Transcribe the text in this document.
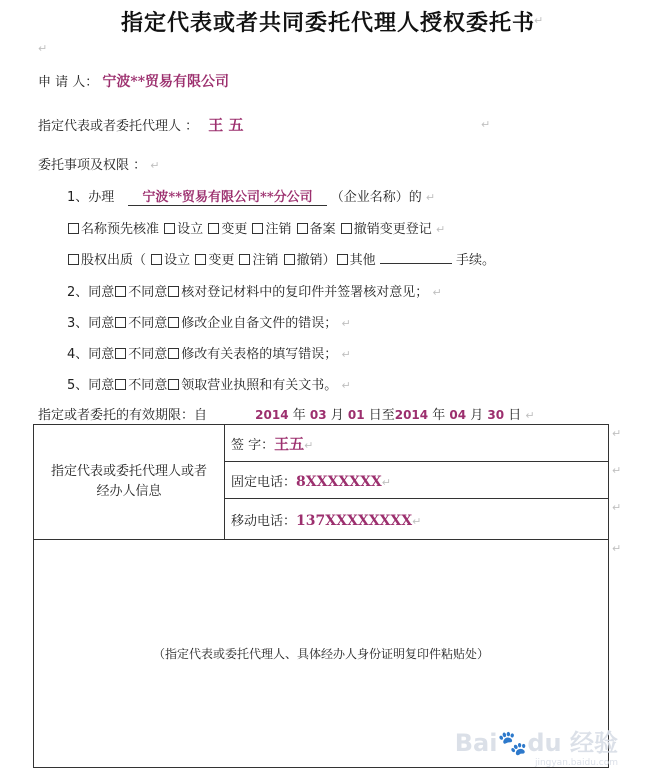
指定代表或者共同委托代理人授权委托书 ↵
↵
申 请 人： 宁波**贸易有限公司
指定代表或者委托代理人 ： 王 五	↵
委托事项及权限 ： ↵
1、办理 宁波**贸易有限公司**分公司 （企业名称）的 ↵
名称预先核准 设立 变更 注销 备案 撤销变更登记 ↵
股权出质（ 设立 变更 注销 撤销） 其他	手续。
2、同意 不同意 核对登记材料中的复印件并签署核对意见； ↵
3、同意 不同意 修改企业自备文件的错误； ↵
4、同意 不同意 修改有关表格的填写错误； ↵
5、同意 不同意 领取营业执照和有关文书。 ↵
指定或者委托的有效期限：自	2014 年 03 月 01 日至2014 年 04 月 30 日 ↵
指定代表或委托代理人或者
经办人信息
	签 字：王五↵
固定电话：8XXXXXXX↵
移动电话：137XXXXXXXX↵
（指定代表或委托代理人、具体经办人身份证明复印件粘贴处）
↵
↵
↵
↵
Bai🐾du 经验
jingyan.baidu.com
